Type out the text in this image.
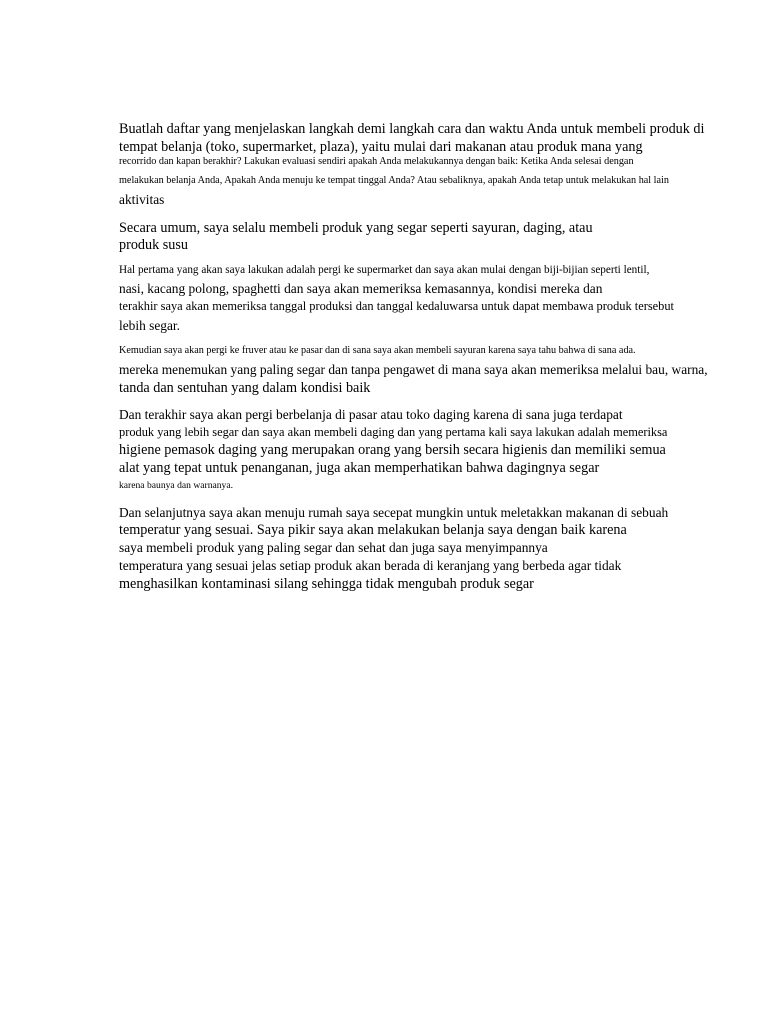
Buatlah daftar yang menjelaskan langkah demi langkah cara dan waktu Anda untuk membeli produk di
tempat belanja (toko, supermarket, plaza), yaitu mulai dari makanan atau produk mana yang
recorrido dan kapan berakhir? Lakukan evaluasi sendiri apakah Anda melakukannya dengan baik: Ketika Anda selesai dengan
melakukan belanja Anda, Apakah Anda menuju ke tempat tinggal Anda? Atau sebaliknya, apakah Anda tetap untuk melakukan hal lain
aktivitas
Secara umum, saya selalu membeli produk yang segar seperti sayuran, daging, atau
produk susu
Hal pertama yang akan saya lakukan adalah pergi ke supermarket dan saya akan mulai dengan biji-bijian seperti lentil,
nasi, kacang polong, spaghetti dan saya akan memeriksa kemasannya, kondisi mereka dan
terakhir saya akan memeriksa tanggal produksi dan tanggal kedaluwarsa untuk dapat membawa produk tersebut
lebih segar.
Kemudian saya akan pergi ke fruver atau ke pasar dan di sana saya akan membeli sayuran karena saya tahu bahwa di sana ada.
mereka menemukan yang paling segar dan tanpa pengawet di mana saya akan memeriksa melalui bau, warna,
tanda dan sentuhan yang dalam kondisi baik
Dan terakhir saya akan pergi berbelanja di pasar atau toko daging karena di sana juga terdapat
produk yang lebih segar dan saya akan membeli daging dan yang pertama kali saya lakukan adalah memeriksa
higiene pemasok daging yang merupakan orang yang bersih secara higienis dan memiliki semua
alat yang tepat untuk penanganan, juga akan memperhatikan bahwa dagingnya segar
karena baunya dan warnanya.
Dan selanjutnya saya akan menuju rumah saya secepat mungkin untuk meletakkan makanan di sebuah
temperatur yang sesuai. Saya pikir saya akan melakukan belanja saya dengan baik karena
saya membeli produk yang paling segar dan sehat dan juga saya menyimpannya
temperatura yang sesuai jelas setiap produk akan berada di keranjang yang berbeda agar tidak
menghasilkan kontaminasi silang sehingga tidak mengubah produk segar
